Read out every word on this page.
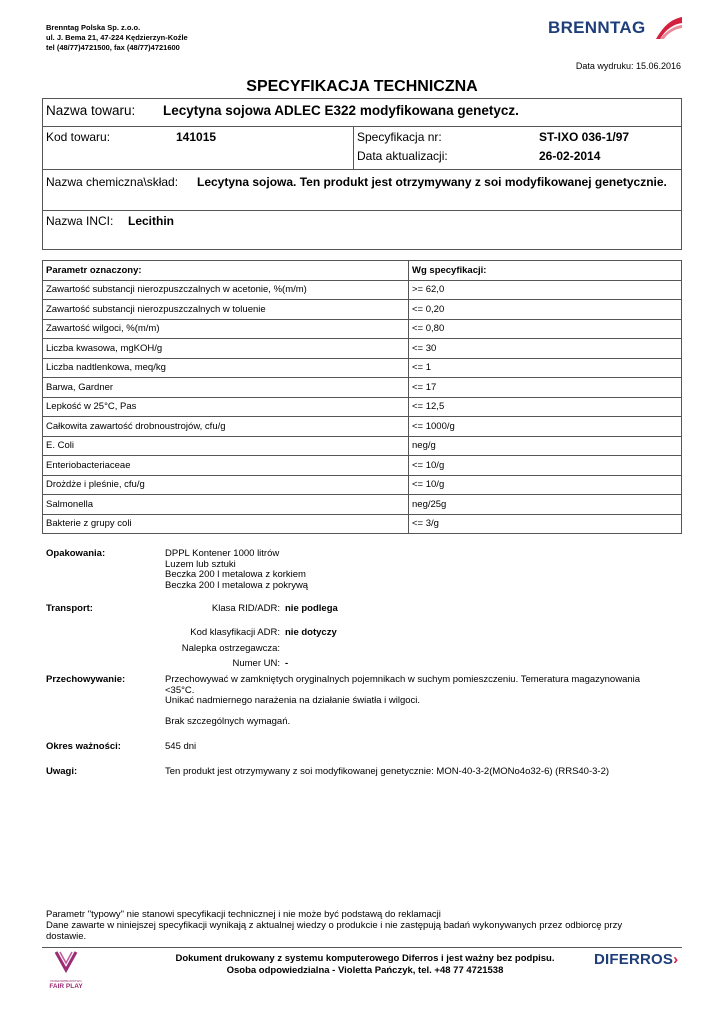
Brenntag Polska Sp. z.o.o.
ul. J. Bema 21, 47-224 Kędzierzyn-Koźle
tel (48/77)4721500, fax (48/77)4721600
BRENNTAG
Data wydruku: 15.06.2016
SPECYFIKACJA TECHNICZNA
Nazwa towaru: Lecytyna sojowa ADLEC E322 modyfikowana genetycz.
Kod towaru:	141015	Specyfikacja nr:	ST-IXO 036-1/97
Data aktualizacji:	26-02-2014
Nazwa chemiczna\skład: Lecytyna sojowa. Ten produkt jest otrzymywany z soi modyfikowanej genetycznie.
Nazwa INCI: Lecithin
Parametr oznaczony:	Wg specyfikacji:
Zawartość substancji nierozpuszczalnych w acetonie, %(m/m)	>= 62,0
Zawartość substancji nierozpuszczalnych w toluenie	<= 0,20
Zawartość wilgoci, %(m/m)	<= 0,80
Liczba kwasowa, mgKOH/g	<= 30
Liczba nadtlenkowa, meq/kg	<= 1
Barwa, Gardner	<= 17
Lepkość w 25°C, Pas	<= 12,5
Całkowita zawartość drobnoustrojów, cfu/g	<= 1000/g
E. Coli	neg/g
Enteriobacteriaceae	<= 10/g
Drożdże i pleśnie, cfu/g	<= 10/g
Salmonella	neg/25g
Bakterie z grupy coli	<= 3/g
Opakowania:	DPPL Kontener 1000 litrów
Luzem lub sztuki
Beczka 200 l metalowa z korkiem
Beczka 200 l metalowa z pokrywą
Transport:	Klasa RID/ADR: nie podlega
Kod klasyfikacji ADR: nie dotyczy
Nalepka ostrzegawcza:
Numer UN: -
Przechowywanie:	Przechowywać w zamkniętych oryginalnych pojemnikach w suchym pomieszczeniu. Temeratura magazynowania
<35°C.
Unikać nadmiernego narażenia na działanie światła i wilgoci.
Brak szczególnych wymagań.
Okres ważności:	545 dni
Uwagi:	Ten produkt jest otrzymywany z soi modyfikowanej genetycznie: MON-40-3-2(MONo4o32-6) (RRS40-3-2)
Parametr "typowy" nie stanowi specyfikacji technicznej i nie może być podstawą do reklamacji
Dane zawarte w niniejszej specyfikacji wynikają z aktualnej wiedzy o produkcie i nie zastępują badań wykonywanych przez odbiorcę przy
dostawie.
PRZEDSIĘBIORSTWO
FAIR PLAY
Dokument drukowany z systemu komputerowego Diferros i jest ważny bez podpisu.
Osoba odpowiedzialna - Violetta Pańczyk, tel. +48 77 4721538
DIFERROS›
